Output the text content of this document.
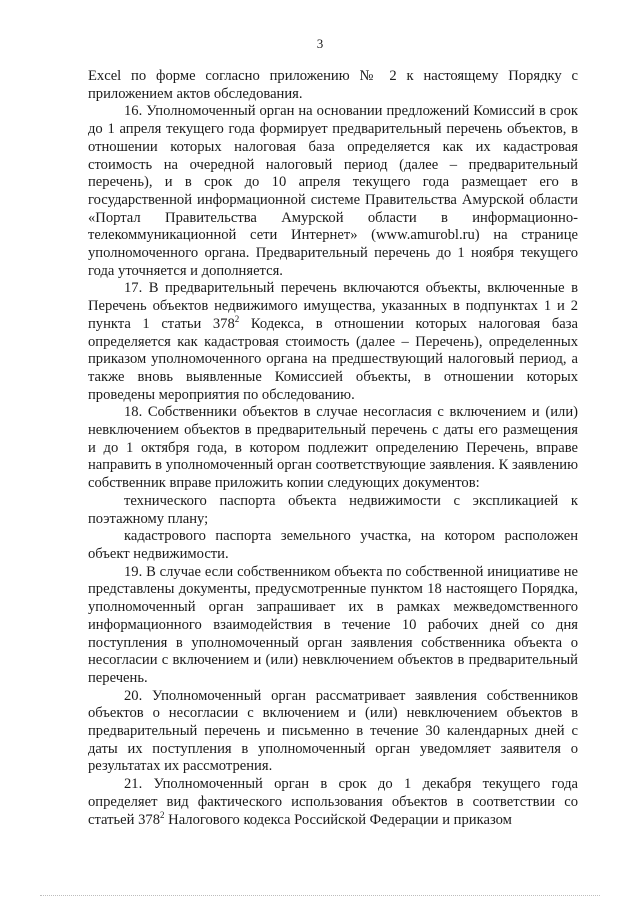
3

Excel по форме согласно приложению № 2 к настоящему Порядку с приложением актов обследования.

16. Уполномоченный орган на основании предложений Комиссий в срок до 1 апреля текущего года формирует предварительный перечень объектов, в отношении которых налоговая база определяется как их кадастровая стоимость на очередной налоговый период (далее – предварительный перечень), и в срок до 10 апреля текущего года размещает его в государственной информационной системе Правительства Амурской области «Портал Правительства Амурской области в информационно-телекоммуникационной сети Интернет» (www.amurobl.ru) на странице уполномоченного органа. Предварительный перечень до 1 ноября текущего года уточняется и дополняется.

17. В предварительный перечень включаются объекты, включенные в Перечень объектов недвижимого имущества, указанных в подпунктах 1 и 2 пункта 1 статьи $378^2$ Кодекса, в отношении которых налоговая база определяется как кадастровая стоимость (далее – Перечень), определенных приказом уполномоченного органа на предшествующий налоговый период, а также вновь выявленные Комиссией объекты, в отношении которых проведены мероприятия по обследованию.

18. Собственники объектов в случае несогласия с включением и (или) невключением объектов в предварительный перечень с даты его размещения и до 1 октября года, в котором подлежит определению Перечень, вправе направить в уполномоченный орган соответствующие заявления. К заявлению собственник вправе приложить копии следующих документов:

технического паспорта объекта недвижимости с экспликацией к поэтажному плану;

кадастрового паспорта земельного участка, на котором расположен объект недвижимости.

19. В случае если собственником объекта по собственной инициативе не представлены документы, предусмотренные пунктом 18 настоящего Порядка, уполномоченный орган запрашивает их в рамках межведомственного информационного взаимодействия в течение 10 рабочих дней со дня поступления в уполномоченный орган заявления собственника объекта о несогласии с включением и (или) невключением объектов в предварительный перечень.

20. Уполномоченный орган рассматривает заявления собственников объектов о несогласии с включением и (или) невключением объектов в предварительный перечень и письменно в течение 30 календарных дней с даты их поступления в уполномоченный орган уведомляет заявителя о результатах их рассмотрения.

21. Уполномоченный орган в срок до 1 декабря текущего года определяет вид фактического использования объектов в соответствии со статьей $378^2$ Налогового кодекса Российской Федерации и приказом
